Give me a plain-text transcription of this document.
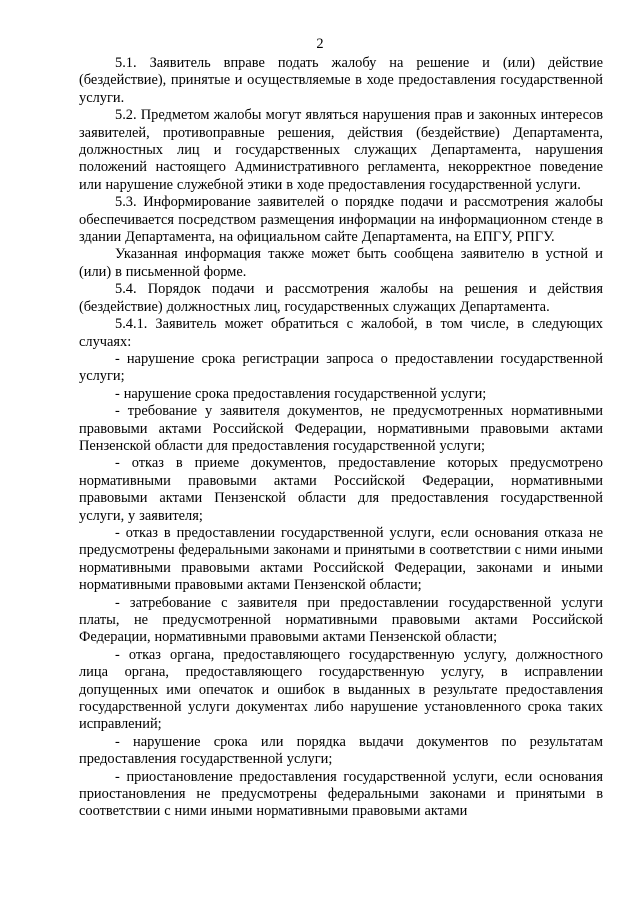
2

5.1. Заявитель вправе подать жалобу на решение и (или) действие (бездействие), принятые и осуществляемые в ходе предоставления государственной услуги.

5.2. Предметом жалобы могут являться нарушения прав и законных интересов заявителей, противоправные решения, действия (бездействие) Департамента, должностных лиц и государственных служащих Департамента, нарушения положений настоящего Административного регламента, некорректное поведение или нарушение служебной этики в ходе предоставления государственной услуги.

5.3. Информирование заявителей о порядке подачи и рассмотрения жалобы обеспечивается посредством размещения информации на информационном стенде в здании Департамента, на официальном сайте Департамента, на ЕПГУ, РПГУ.

Указанная информация также может быть сообщена заявителю в устной и (или) в письменной форме.

5.4. Порядок подачи и рассмотрения жалобы на решения и действия (бездействие) должностных лиц, государственных служащих Департамента.

5.4.1. Заявитель может обратиться с жалобой, в том числе, в следующих случаях:

- нарушение срока регистрации запроса о предоставлении государственной услуги;

- нарушение срока предоставления государственной услуги;

- требование у заявителя документов, не предусмотренных нормативными правовыми актами Российской Федерации, нормативными правовыми актами Пензенской области для предоставления государственной услуги;

- отказ в приеме документов, предоставление которых предусмотрено нормативными правовыми актами Российской Федерации, нормативными правовыми актами Пензенской области для предоставления государственной услуги, у заявителя;

- отказ в предоставлении государственной услуги, если основания отказа не предусмотрены федеральными законами и принятыми в соответствии с ними иными нормативными правовыми актами Российской Федерации, законами и иными нормативными правовыми актами Пензенской области;

- затребование с заявителя при предоставлении государственной услуги платы, не предусмотренной нормативными правовыми актами Российской Федерации, нормативными правовыми актами Пензенской области;

- отказ органа, предоставляющего государственную услугу, должностного лица органа, предоставляющего государственную услугу, в исправлении допущенных ими опечаток и ошибок в выданных в результате предоставления государственной услуги документах либо нарушение установленного срока таких исправлений;

- нарушение срока или порядка выдачи документов по результатам предоставления государственной услуги;

- приостановление предоставления государственной услуги, если основания приостановления не предусмотрены федеральными законами и принятыми в соответствии с ними иными нормативными правовыми актами
